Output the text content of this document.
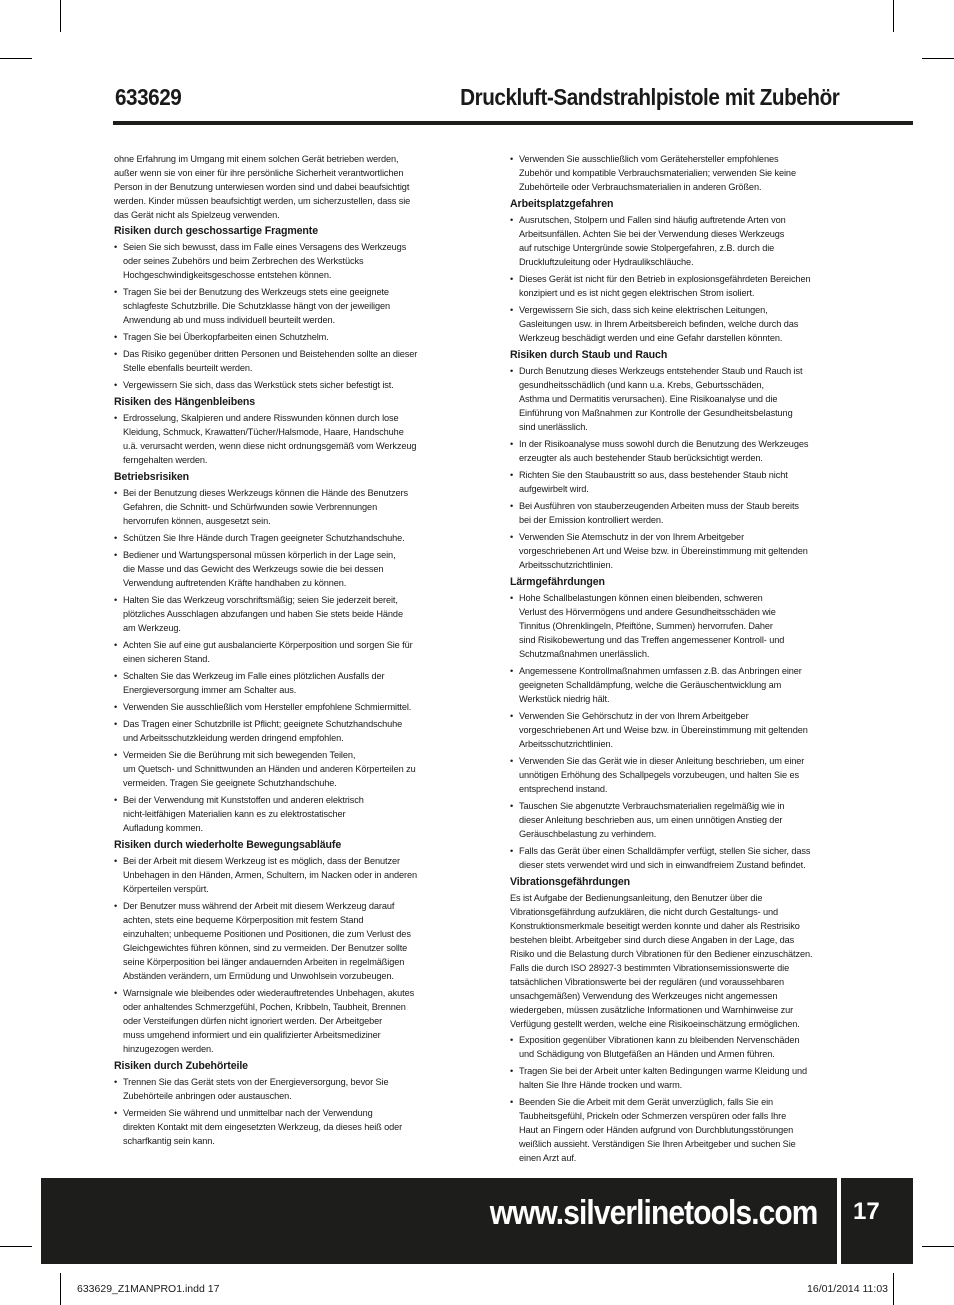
633629	Druckluft-Sandstrahlpistole mit Zubehör

ohne Erfahrung im Umgang mit einem solchen Gerät betrieben werden,
außer wenn sie von einer für ihre persönliche Sicherheit verantwortlichen
Person in der Benutzung unterwiesen worden sind und dabei beaufsichtigt
werden. Kinder müssen beaufsichtigt werden, um sicherzustellen, dass sie
das Gerät nicht als Spielzeug verwenden.

Risiken durch geschossartige Fragmente
• Seien Sie sich bewusst, dass im Falle eines Versagens des Werkzeugs
oder seines Zubehörs und beim Zerbrechen des Werkstücks
Hochgeschwindigkeitsgeschosse entstehen können.
• Tragen Sie bei der Benutzung des Werkzeugs stets eine geeignete
schlagfeste Schutzbrille. Die Schutzklasse hängt von der jeweiligen
Anwendung ab und muss individuell beurteilt werden.
• Tragen Sie bei Überkopfarbeiten einen Schutzhelm.
• Das Risiko gegenüber dritten Personen und Beistehenden sollte an dieser
Stelle ebenfalls beurteilt werden.
• Vergewissern Sie sich, dass das Werkstück stets sicher befestigt ist.
Risiken des Hängenbleibens
• Erdrosselung, Skalpieren und andere Risswunden können durch lose
Kleidung, Schmuck, Krawatten/Tücher/Halsmode, Haare, Handschuhe
u.ä. verursacht werden, wenn diese nicht ordnungsgemäß vom Werkzeug
ferngehalten werden.
Betriebsrisiken
• Bei der Benutzung dieses Werkzeugs können die Hände des Benutzers
Gefahren, die Schnitt- und Schürfwunden sowie Verbrennungen
hervorrufen können, ausgesetzt sein.
• Schützen Sie Ihre Hände durch Tragen geeigneter Schutzhandschuhe.
• Bediener und Wartungspersonal müssen körperlich in der Lage sein,
die Masse und das Gewicht des Werkzeugs sowie die bei dessen
Verwendung auftretenden Kräfte handhaben zu können.
• Halten Sie das Werkzeug vorschriftsmäßig; seien Sie jederzeit bereit,
plötzliches Ausschlagen abzufangen und haben Sie stets beide Hände
am Werkzeug.
• Achten Sie auf eine gut ausbalancierte Körperposition und sorgen Sie für
einen sicheren Stand.
• Schalten Sie das Werkzeug im Falle eines plötzlichen Ausfalls der
Energieversorgung immer am Schalter aus.
• Verwenden Sie ausschließlich vom Hersteller empfohlene Schmiermittel.
• Das Tragen einer Schutzbrille ist Pflicht; geeignete Schutzhandschuhe
und Arbeitsschutzkleidung werden dringend empfohlen.
• Vermeiden Sie die Berührung mit sich bewegenden Teilen,
um Quetsch- und Schnittwunden an Händen und anderen Körperteilen zu
vermeiden. Tragen Sie geeignete Schutzhandschuhe.
• Bei der Verwendung mit Kunststoffen und anderen elektrisch
nicht-leitfähigen Materialien kann es zu elektrostatischer
Aufladung kommen.
Risiken durch wiederholte Bewegungsabläufe
• Bei der Arbeit mit diesem Werkzeug ist es möglich, dass der Benutzer
Unbehagen in den Händen, Armen, Schultern, im Nacken oder in anderen
Körperteilen verspürt.
• Der Benutzer muss während der Arbeit mit diesem Werkzeug darauf
achten, stets eine bequeme Körperposition mit festem Stand
einzuhalten; unbequeme Positionen und Positionen, die zum Verlust des
Gleichgewichtes führen können, sind zu vermeiden. Der Benutzer sollte
seine Körperposition bei länger andauernden Arbeiten in regelmäßigen
Abständen verändern, um Ermüdung und Unwohlsein vorzubeugen.
• Warnsignale wie bleibendes oder wiederauftretendes Unbehagen, akutes
oder anhaltendes Schmerzgefühl, Pochen, Kribbeln, Taubheit, Brennen
oder Versteifungen dürfen nicht ignoriert werden. Der Arbeitgeber
muss umgehend informiert und ein qualifizierter Arbeitsmediziner
hinzugezogen werden.
Risiken durch Zubehörteile
• Trennen Sie das Gerät stets von der Energieversorgung, bevor Sie
Zubehörteile anbringen oder austauschen.
• Vermeiden Sie während und unmittelbar nach der Verwendung
direkten Kontakt mit dem eingesetzten Werkzeug, da dieses heiß oder
scharfkantig sein kann.
• Verwenden Sie ausschließlich vom Gerätehersteller empfohlenes
Zubehör und kompatible Verbrauchsmaterialien; verwenden Sie keine
Zubehörteile oder Verbrauchsmaterialien in anderen Größen.
Arbeitsplatzgefahren
• Ausrutschen, Stolpern und Fallen sind häufig auftretende Arten von
Arbeitsunfällen. Achten Sie bei der Verwendung dieses Werkzeugs
auf rutschige Untergründe sowie Stolpergefahren, z.B. durch die
Druckluftzuleitung oder Hydraulikschläuche.
• Dieses Gerät ist nicht für den Betrieb in explosionsgefährdeten Bereichen
konzipiert und es ist nicht gegen elektrischen Strom isoliert.
• Vergewissern Sie sich, dass sich keine elektrischen Leitungen,
Gasleitungen usw. in Ihrem Arbeitsbereich befinden, welche durch das
Werkzeug beschädigt werden und eine Gefahr darstellen könnten.
Risiken durch Staub und Rauch
• Durch Benutzung dieses Werkzeugs entstehender Staub und Rauch ist
gesundheitsschädlich (und kann u.a. Krebs, Geburtsschäden,
Asthma und Dermatitis verursachen). Eine Risikoanalyse und die
Einführung von Maßnahmen zur Kontrolle der Gesundheitsbelastung
sind unerlässlich.
• In der Risikoanalyse muss sowohl durch die Benutzung des Werkzeuges
erzeugter als auch bestehender Staub berücksichtigt werden.
• Richten Sie den Staubaustritt so aus, dass bestehender Staub nicht
aufgewirbelt wird.
• Bei Ausführen von stauberzeugenden Arbeiten muss der Staub bereits
bei der Emission kontrolliert werden.
• Verwenden Sie Atemschutz in der von Ihrem Arbeitgeber
vorgeschriebenen Art und Weise bzw. in Übereinstimmung mit geltenden
Arbeitsschutzrichtlinien.
Lärmgefährdungen
• Hohe Schallbelastungen können einen bleibenden, schweren
Verlust des Hörvermögens und andere Gesundheitsschäden wie
Tinnitus (Ohrenklingeln, Pfeiftöne, Summen) hervorrufen. Daher
sind Risikobewertung und das Treffen angemessener Kontroll- und
Schutzmaßnahmen unerlässlich.
• Angemessene Kontrollmaßnahmen umfassen z.B. das Anbringen einer
geeigneten Schalldämpfung, welche die Geräuschentwicklung am
Werkstück niedrig hält.
• Verwenden Sie Gehörschutz in der von Ihrem Arbeitgeber
vorgeschriebenen Art und Weise bzw. in Übereinstimmung mit geltenden
Arbeitsschutzrichtlinien.
• Verwenden Sie das Gerät wie in dieser Anleitung beschrieben, um einer
unnötigen Erhöhung des Schallpegels vorzubeugen, und halten Sie es
entsprechend instand.
• Tauschen Sie abgenutzte Verbrauchsmaterialien regelmäßig wie in
dieser Anleitung beschrieben aus, um einen unnötigen Anstieg der
Geräuschbelastung zu verhindern.
• Falls das Gerät über einen Schalldämpfer verfügt, stellen Sie sicher, dass
dieser stets verwendet wird und sich in einwandfreiem Zustand befindet.
Vibrationsgefährdungen

Es ist Aufgabe der Bedienungsanleitung, den Benutzer über die
Vibrationsgefährdung aufzuklären, die nicht durch Gestaltungs- und
Konstruktionsmerkmale beseitigt werden konnte und daher als Restrisiko
bestehen bleibt. Arbeitgeber sind durch diese Angaben in der Lage, das
Risiko und die Belastung durch Vibrationen für den Bediener einzuschätzen.
Falls die durch ISO 28927-3 bestimmten Vibrationsemissionswerte die
tatsächlichen Vibrationswerte bei der regulären (und voraussehbaren
unsachgemäßen) Verwendung des Werkzeuges nicht angemessen
wiedergeben, müssen zusätzliche Informationen und Warnhinweise zur
Verfügung gestellt werden, welche eine Risikoeinschätzung ermöglichen.

• Exposition gegenüber Vibrationen kann zu bleibenden Nervenschäden
und Schädigung von Blutgefäßen an Händen und Armen führen.
• Tragen Sie bei der Arbeit unter kalten Bedingungen warme Kleidung und
halten Sie Ihre Hände trocken und warm.
• Beenden Sie die Arbeit mit dem Gerät unverzüglich, falls Sie ein
Taubheitsgefühl, Prickeln oder Schmerzen verspüren oder falls Ihre
Haut an Fingern oder Händen aufgrund von Durchblutungsstörungen
weißlich aussieht. Verständigen Sie Ihren Arbeitgeber und suchen Sie
einen Arzt auf.
www.silverlinetools.com 17
633629_Z1MANPRO1.indd 17	16/01/2014 11:03
